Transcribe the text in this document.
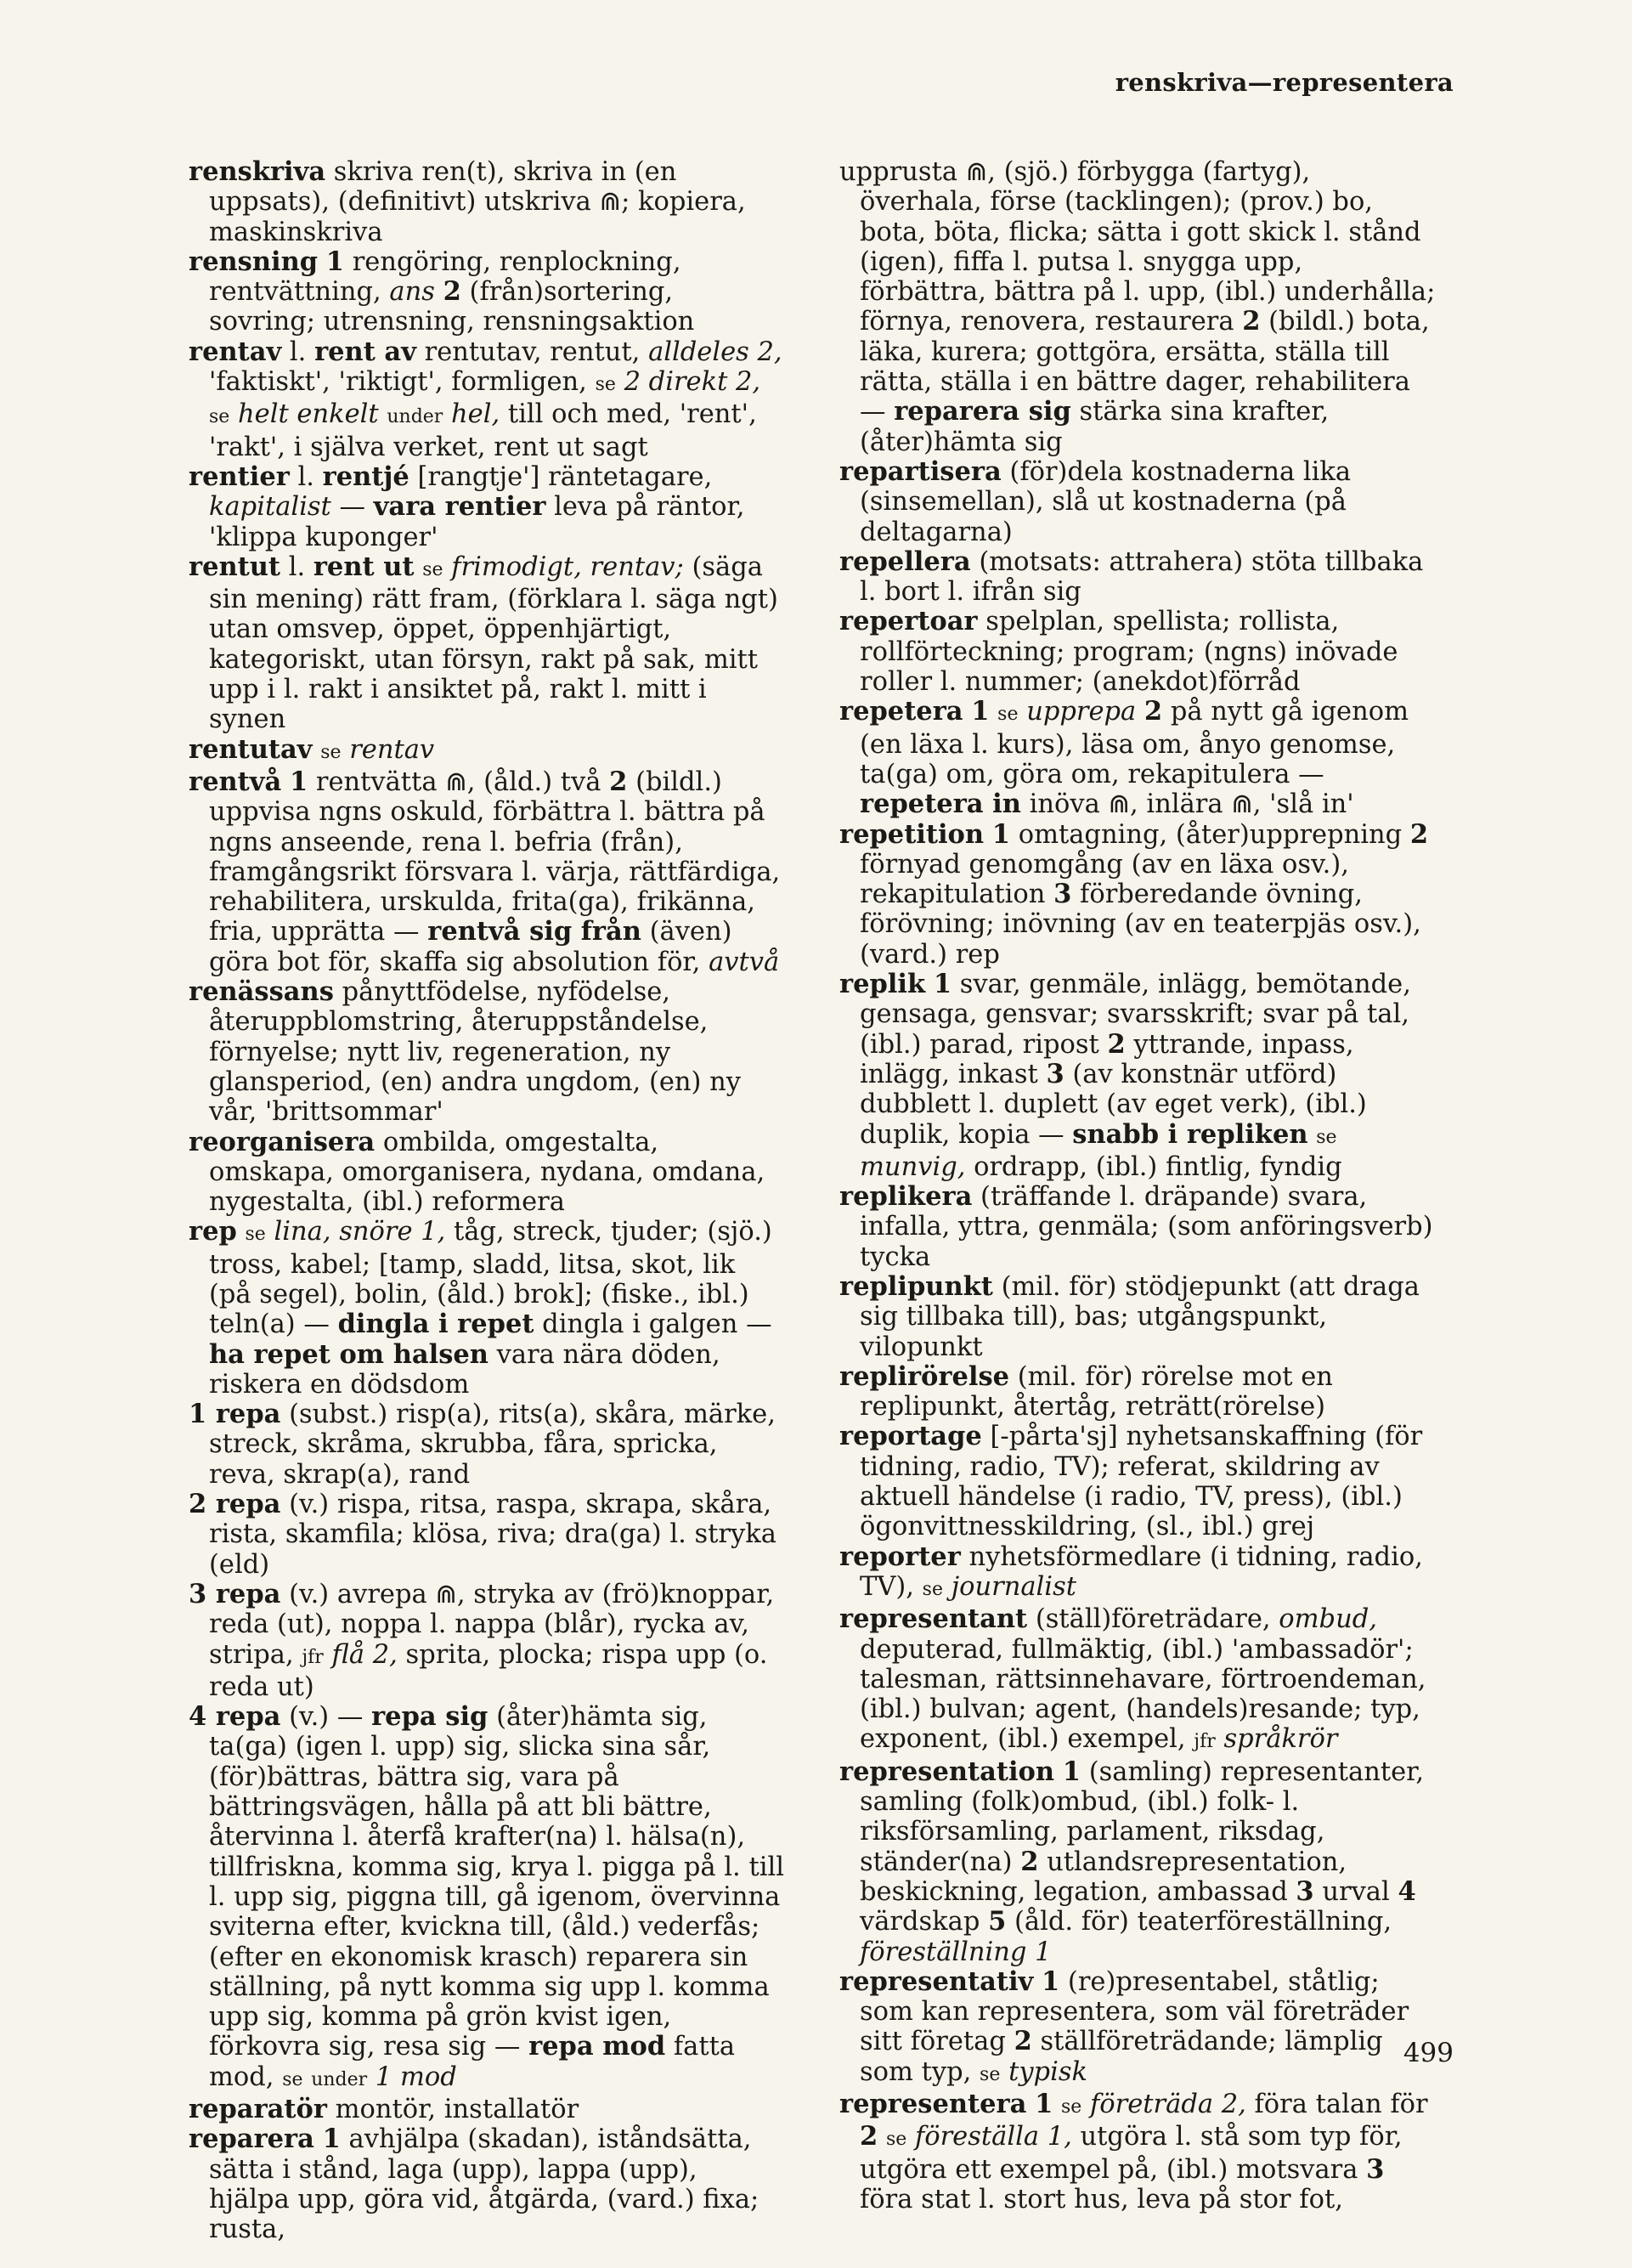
renskriva—representera

renskriva skriva ren(t), skriva in (en uppsats), (definitivt) utskriva ⋒; kopiera, maskinskriva

rensning 1 rengöring, renplockning, rentvättning, ans 2 (från)sortering, sovring; utrensning, rensningsaktion

rentav l. rent av rentutav, rentut, alldeles 2, 'faktiskt', 'riktigt', formligen, se 2 direkt 2, se helt enkelt under hel, till och med, 'rent', 'rakt', i själva verket, rent ut sagt

rentier l. rentjé [rangtje'] räntetagare, kapitalist — vara rentier leva på räntor, 'klippa kuponger'

rentut l. rent ut se frimodigt, rentav; (säga sin mening) rätt fram, (förklara l. säga ngt) utan omsvep, öppet, öppenhjärtigt, kategoriskt, utan försyn, rakt på sak, mitt upp i l. rakt i ansiktet på, rakt l. mitt i synen

rentutav se rentav

rentvå 1 rentvätta ⋒, (åld.) två 2 (bildl.) uppvisa ngns oskuld, förbättra l. bättra på ngns anseende, rena l. befria (från), framgångsrikt försvara l. värja, rättfärdiga, rehabilitera, urskulda, frita(ga), frikänna, fria, upprätta — rentvå sig från (även) göra bot för, skaffa sig absolution för, avtvå

renässans pånyttfödelse, nyfödelse, återuppblomstring, återuppståndelse, förnyelse; nytt liv, regeneration, ny glansperiod, (en) andra ungdom, (en) ny vår, 'brittsommar'

reorganisera ombilda, omgestalta, omskapa, omorganisera, nydana, omdana, nygestalta, (ibl.) reformera

rep se lina, snöre 1, tåg, streck, tjuder; (sjö.) tross, kabel; [tamp, sladd, litsa, skot, lik (på segel), bolin, (åld.) brok]; (fiske., ibl.) teln(a) — dingla i repet dingla i galgen — ha repet om halsen vara nära döden, riskera en dödsdom

1 repa (subst.) risp(a), rits(a), skåra, märke, streck, skråma, skrubba, fåra, spricka, reva, skrap(a), rand

2 repa (v.) rispa, ritsa, raspa, skrapa, skåra, rista, skamfila; klösa, riva; dra(ga) l. stryka (eld)

3 repa (v.) avrepa ⋒, stryka av (frö)knoppar, reda (ut), noppa l. nappa (blår), rycka av, stripa, jfr flå 2, sprita, plocka; rispa upp (o. reda ut)

4 repa (v.) — repa sig (åter)hämta sig, ta(ga) (igen l. upp) sig, slicka sina sår, (för)bättras, bättra sig, vara på bättringsvägen, hålla på att bli bättre, återvinna l. återfå krafter(na) l. hälsa(n), tillfriskna, komma sig, krya l. pigga på l. till l. upp sig, piggna till, gå igenom, övervinna sviterna efter, kvickna till, (åld.) vederfås; (efter en ekonomisk krasch) reparera sin ställning, på nytt komma sig upp l. komma upp sig, komma på grön kvist igen, förkovra sig, resa sig — repa mod fatta mod, se under 1 mod

reparatör montör, installatör

reparera 1 avhjälpa (skadan), iståndsätta, sätta i stånd, laga (upp), lappa (upp), hjälpa upp, göra vid, åtgärda, (vard.) fixa; rusta,

upprusta ⋒, (sjö.) förbygga (fartyg), överhala, förse (tacklingen); (prov.) bo, bota, böta, flicka; sätta i gott skick l. stånd (igen), fiffa l. putsa l. snygga upp, förbättra, bättra på l. upp, (ibl.) underhålla; förnya, renovera, restaurera 2 (bildl.) bota, läka, kurera; gottgöra, ersätta, ställa till rätta, ställa i en bättre dager, rehabilitera — reparera sig stärka sina krafter, (åter)hämta sig

repartisera (för)dela kostnaderna lika (sinsemellan), slå ut kostnaderna (på deltagarna)

repellera (motsats: attrahera) stöta tillbaka l. bort l. ifrån sig

repertoar spelplan, spellista; rollista, rollförteckning; program; (ngns) inövade roller l. nummer; (anekdot)förråd

repetera 1 se upprepa 2 på nytt gå igenom (en läxa l. kurs), läsa om, ånyo genomse, ta(ga) om, göra om, rekapitulera — repetera in inöva ⋒, inlära ⋒, 'slå in'

repetition 1 omtagning, (åter)upprepning 2 förnyad genomgång (av en läxa osv.), rekapitulation 3 förberedande övning, förövning; inövning (av en teaterpjäs osv.), (vard.) rep

replik 1 svar, genmäle, inlägg, bemötande, gensaga, gensvar; svarsskrift; svar på tal, (ibl.) parad, ripost 2 yttrande, inpass, inlägg, inkast 3 (av konstnär utförd) dubblett l. duplett (av eget verk), (ibl.) duplik, kopia — snabb i repliken se munvig, ordrapp, (ibl.) fintlig, fyndig

replikera (träffande l. dräpande) svara, infalla, yttra, genmäla; (som anföringsverb) tycka

replipunkt (mil. för) stödjepunkt (att draga sig tillbaka till), bas; utgångspunkt, vilopunkt

replirörelse (mil. för) rörelse mot en replipunkt, återtåg, reträtt(rörelse)

reportage [-pårta'sj] nyhetsanskaffning (för tidning, radio, TV); referat, skildring av aktuell händelse (i radio, TV, press), (ibl.) ögonvittnesskildring, (sl., ibl.) grej

reporter nyhetsförmedlare (i tidning, radio, TV), se journalist

representant (ställ)företrädare, ombud, deputerad, fullmäktig, (ibl.) 'ambassadör'; talesman, rättsinnehavare, förtroendeman, (ibl.) bulvan; agent, (handels)resande; typ, exponent, (ibl.) exempel, jfr språkrör

representation 1 (samling) representanter, samling (folk)ombud, (ibl.) folk- l. riksförsamling, parlament, riksdag, ständer(na) 2 utlandsrepresentation, beskickning, legation, ambassad 3 urval 4 värdskap 5 (åld. för) teaterföreställning, föreställning 1

representativ 1 (re)presentabel, ståtlig; som kan representera, som väl företräder sitt företag 2 ställföreträdande; lämplig som typ, se typisk

representera 1 se företräda 2, föra talan för 2 se föreställa 1, utgöra l. stå som typ för, utgöra ett exempel på, (ibl.) motsvara 3 föra stat l. stort hus, leva på stor fot,

499
